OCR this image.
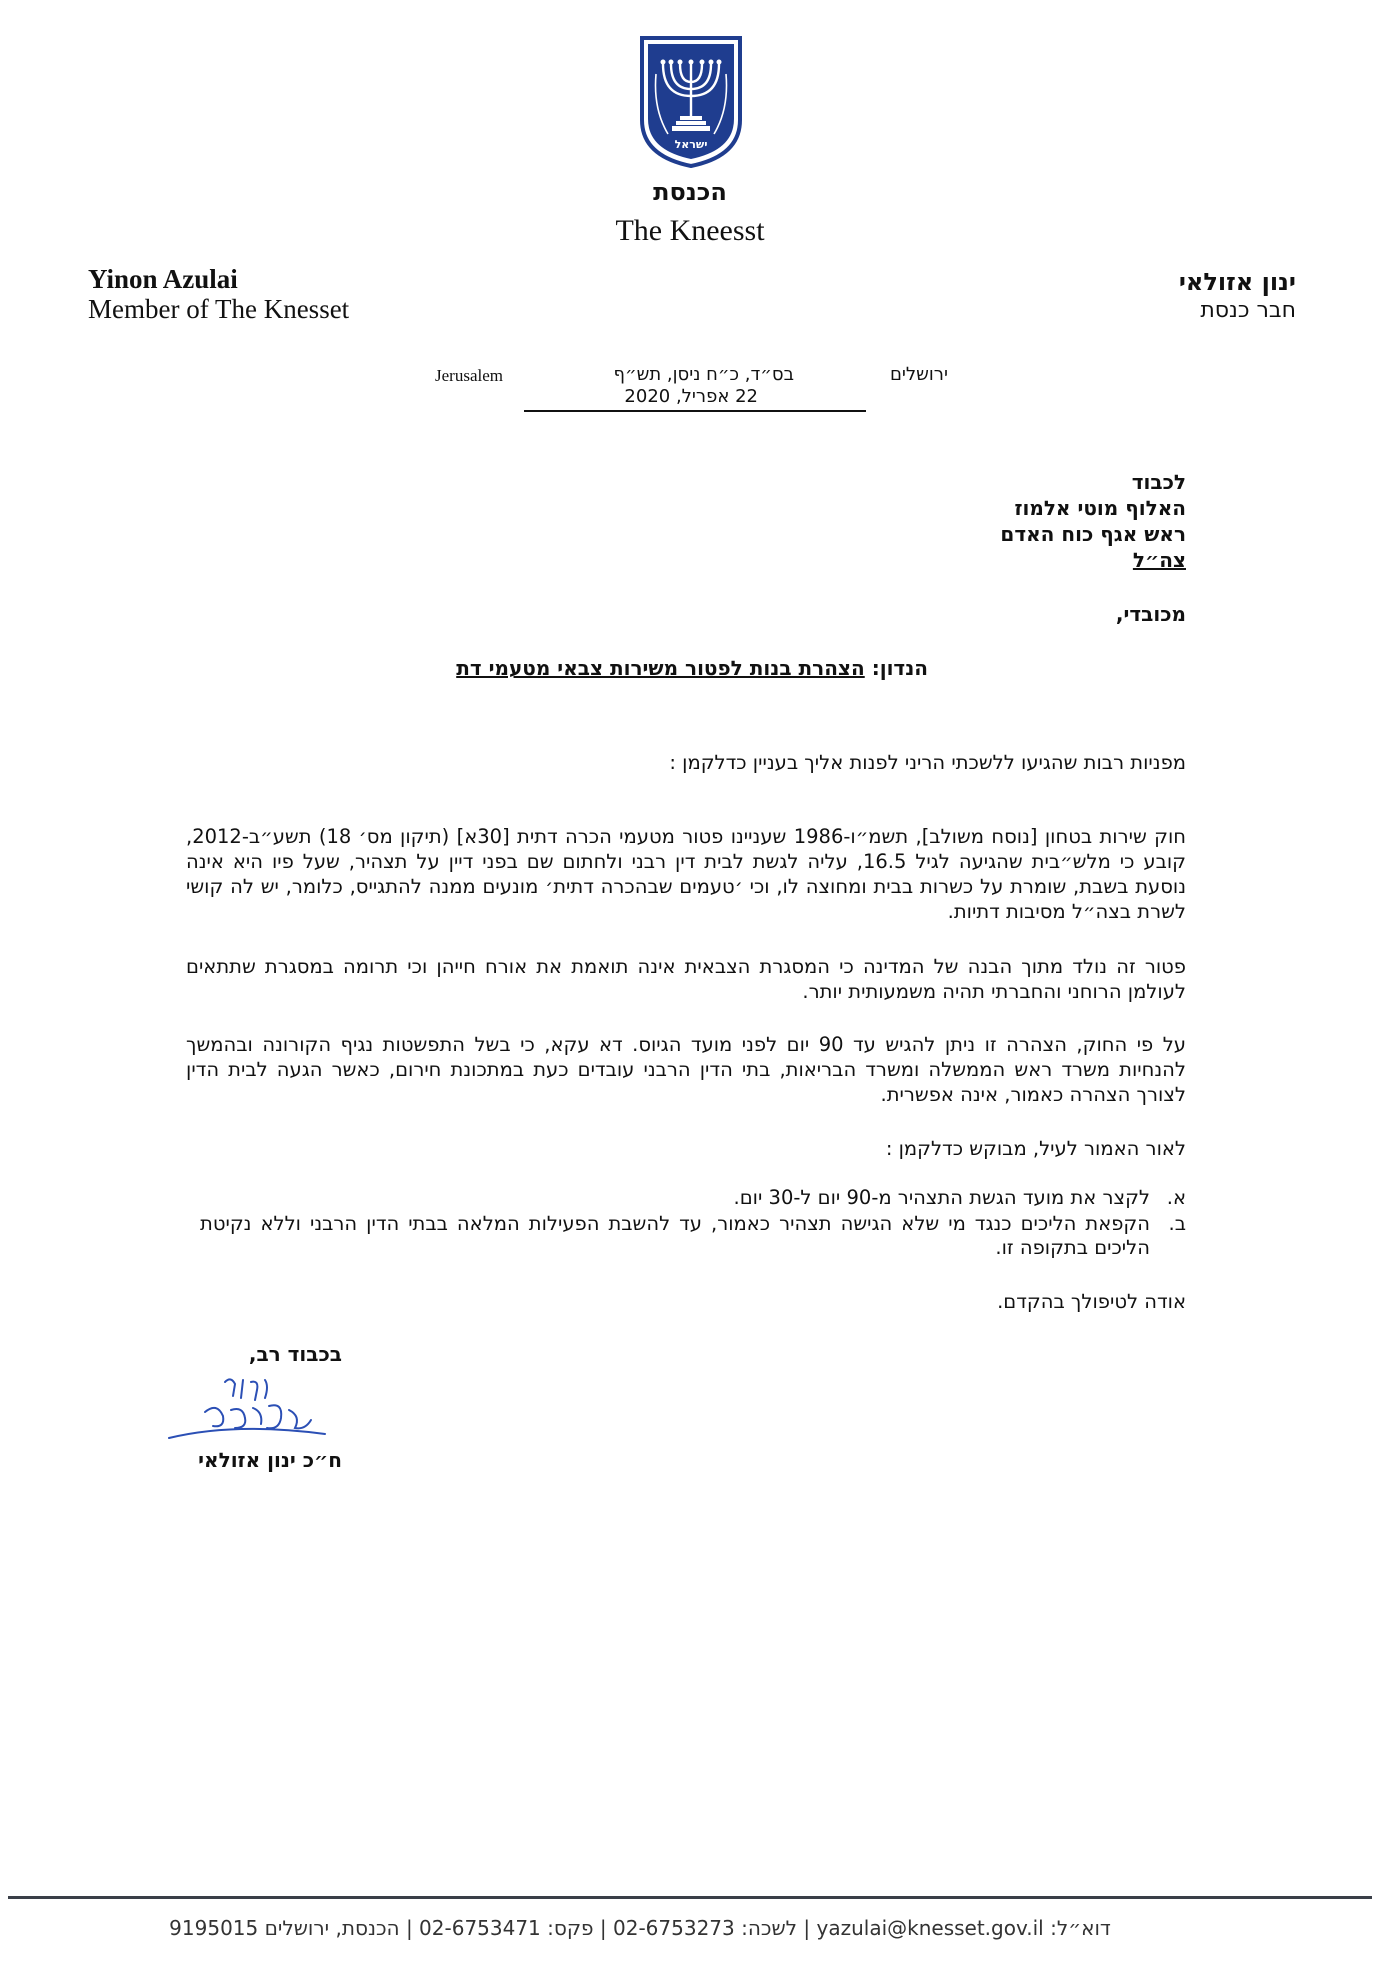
ישראל
הכנסת
The Kneesst
Yinon Azulai
Member of The Knesset
ינון אזולאי
חבר כנסת
Jerusalem	בס״ד, כ״ח ניסן, תש״ף
22 אפריל, 2020
ירושלים
לכבוד
האלוף מוטי אלמוז
ראש אגף כוח האדם
צה״ל
מכובדי,
הנדון: הצהרת בנות לפטור משירות צבאי מטעמי דת
מפניות רבות שהגיעו ללשכתי הריני לפנות אליך בעניין כדלקמן :
חוק שירות בטחון [נוסח משולב], תשמ״ו-1986 שעניינו פטור מטעמי הכרה דתית [30א] (תיקון מס׳ 18) תשע״ב-2012, קובע כי מלש״בית שהגיעה לגיל 16.5, עליה לגשת לבית דין רבני ולחתום שם בפני דיין על תצהיר, שעל פיו היא אינה נוסעת בשבת, שומרת על כשרות בבית ומחוצה לו, וכי ׳טעמים שבהכרה דתית׳ מונעים ממנה להתגייס, כלומר, יש לה קושי לשרת בצה״ל מסיבות דתיות.
פטור זה נולד מתוך הבנה של המדינה כי המסגרת הצבאית אינה תואמת את אורח חייהן וכי תרומה במסגרת שתתאים לעולמן הרוחני והחברתי תהיה משמעותית יותר.
על פי החוק, הצהרה זו ניתן להגיש עד 90 יום לפני מועד הגיוס. דא עקא, כי בשל התפשטות נגיף הקורונה ובהמשך להנחיות משרד ראש הממשלה ומשרד הבריאות, בתי הדין הרבני עובדים כעת במתכונת חירום, כאשר הגעה לבית הדין לצורך הצהרה כאמור, אינה אפשרית.
לאור האמור לעיל, מבוקש כדלקמן :
א.לקצר את מועד הגשת התצהיר מ-90 יום ל-30 יום.
ב.הקפאת הליכים כנגד מי שלא הגישה תצהיר כאמור, עד להשבת הפעילות המלאה בבתי הדין הרבני וללא נקיטת הליכים בתקופה זו.
אודה לטיפולך בהקדם.
בכבוד רב,
ח״כ ינון אזולאי
דוא״ל: yazulai@knesset.gov.il | לשכה: 02-6753273 | פקס: 02-6753471 | הכנסת, ירושלים 9195015
